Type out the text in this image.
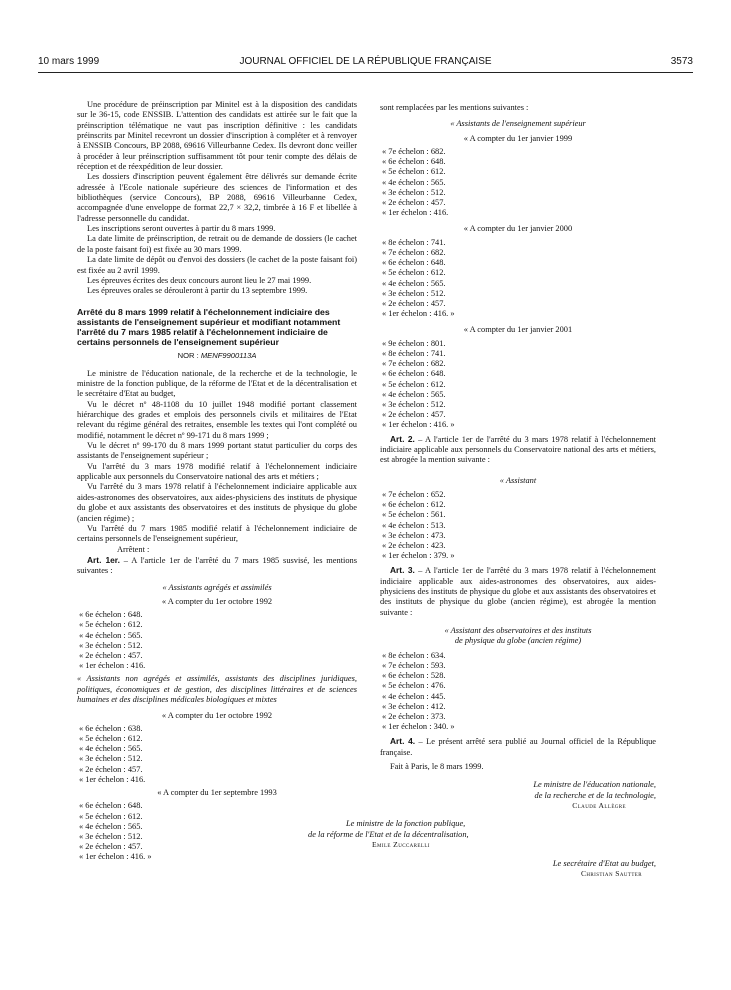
10 mars 1999	JOURNAL OFFICIEL DE LA RÉPUBLIQUE FRANÇAISE	3573

Une procédure de préinscription par Minitel est à la disposition des candidats sur le 36-15, code ENSSIB. L'attention des candidats est attirée sur le fait que la préinscription télématique ne vaut pas inscription définitive : les candidats préinscrits par Minitel recevront un dossier d'inscription à compléter et à renvoyer à ENSSIB Concours, BP 2088, 69616 Villeurbanne Cedex. Ils devront donc veiller à procéder à leur préinscription suffisamment tôt pour tenir compte des délais de réception et de réexpédition de leur dossier.

Les dossiers d'inscription peuvent également être délivrés sur demande écrite adressée à l'Ecole nationale supérieure des sciences de l'information et des bibliothèques (service Concours), BP 2088, 69616 Villeurbanne Cedex, accompagnée d'une enveloppe de format 22,7 × 32,2, timbrée à 16 F et libellée à l'adresse personnelle du candidat.

Les inscriptions seront ouvertes à partir du 8 mars 1999.

La date limite de préinscription, de retrait ou de demande de dossiers (le cachet de la poste faisant foi) est fixée au 30 mars 1999.

La date limite de dépôt ou d'envoi des dossiers (le cachet de la poste faisant foi) est fixée au 2 avril 1999.

Les épreuves écrites des deux concours auront lieu le 27 mai 1999.

Les épreuves orales se dérouleront à partir du 13 septembre 1999.

Arrêté du 8 mars 1999 relatif à l'échelonnement indiciaire des assistants de l'enseignement supérieur et modifiant notamment l'arrêté du 7 mars 1985 relatif à l'échelonnement indiciaire de certains personnels de l'enseignement supérieur
NOR : MENF9900113A

Le ministre de l'éducation nationale, de la recherche et de la technologie, le ministre de la fonction publique, de la réforme de l'Etat et de la décentralisation et le secrétaire d'Etat au budget,

Vu le décret nº 48-1108 du 10 juillet 1948 modifié portant classement hiérarchique des grades et emplois des personnels civils et militaires de l'Etat relevant du régime général des retraites, ensemble les textes qui l'ont complété ou modifié, notamment le décret nº 99-171 du 8 mars 1999 ;

Vu le décret nº 99-170 du 8 mars 1999 portant statut particulier du corps des assistants de l'enseignement supérieur ;

Vu l'arrêté du 3 mars 1978 modifié relatif à l'échelonnement indiciaire applicable aux personnels du Conservatoire national des arts et métiers ;

Vu l'arrêté du 3 mars 1978 relatif à l'échelonnement indiciaire applicable aux aides-astronomes des observatoires, aux aides-physiciens des instituts de physique du globe et aux assistants des observatoires et des instituts de physique du globe (ancien régime) ;

Vu l'arrêté du 7 mars 1985 modifié relatif à l'échelonnement indiciaire de certains personnels de l'enseignement supérieur,

Arrêtent :

Art. 1er. – A l'article 1er de l'arrêté du 7 mars 1985 susvisé, les mentions suivantes :

« Assistants agrégés et assimilés
« A compter du 1er octobre 1992
« 6e échelon : 648.
« 5e échelon : 612.
« 4e échelon : 565.
« 3e échelon : 512.
« 2e échelon : 457.
« 1er échelon : 416.

« Assistants non agrégés et assimilés, assistants des disciplines juridiques, politiques, économiques et de gestion, des disciplines littéraires et de sciences humaines et des disciplines médicales biologiques et mixtes

« A compter du 1er octobre 1992
« 6e échelon : 638.
« 5e échelon : 612.
« 4e échelon : 565.
« 3e échelon : 512.
« 2e échelon : 457.
« 1er échelon : 416.
« A compter du 1er septembre 1993
« 6e échelon : 648.
« 5e échelon : 612.
« 4e échelon : 565.
« 3e échelon : 512.
« 2e échelon : 457.
« 1er échelon : 416. »

sont remplacées par les mentions suivantes :

« Assistants de l'enseignement supérieur
« A compter du 1er janvier 1999
« 7e échelon : 682.
« 6e échelon : 648.
« 5e échelon : 612.
« 4e échelon : 565.
« 3e échelon : 512.
« 2e échelon : 457.
« 1er échelon : 416.
« A compter du 1er janvier 2000
« 8e échelon : 741.
« 7e échelon : 682.
« 6e échelon : 648.
« 5e échelon : 612.
« 4e échelon : 565.
« 3e échelon : 512.
« 2e échelon : 457.
« 1er échelon : 416. »
« A compter du 1er janvier 2001
« 9e échelon : 801.
« 8e échelon : 741.
« 7e échelon : 682.
« 6e échelon : 648.
« 5e échelon : 612.
« 4e échelon : 565.
« 3e échelon : 512.
« 2e échelon : 457.
« 1er échelon : 416. »

Art. 2. – A l'article 1er de l'arrêté du 3 mars 1978 relatif à l'échelonnement indiciaire applicable aux personnels du Conservatoire national des arts et métiers, est abrogée la mention suivante :

« Assistant
« 7e échelon : 652.
« 6e échelon : 612.
« 5e échelon : 561.
« 4e échelon : 513.
« 3e échelon : 473.
« 2e échelon : 423.
« 1er échelon : 379. »

Art. 3. – A l'article 1er de l'arrêté du 3 mars 1978 relatif à l'échelonnement indiciaire applicable aux aides-astronomes des observatoires, aux aides-physiciens des instituts de physique du globe et aux assistants des observatoires et des instituts de physique du globe (ancien régime), est abrogée la mention suivante :

« Assistant des observatoires et des instituts
de physique du globe (ancien régime)
« 8e échelon : 634.
« 7e échelon : 593.
« 6e échelon : 528.
« 5e échelon : 476.
« 4e échelon : 445.
« 3e échelon : 412.
« 2e échelon : 373.
« 1er échelon : 340. »

Art. 4. – Le présent arrêté sera publié au Journal officiel de la République française.

Fait à Paris, le 8 mars 1999.

Le ministre de l'éducation nationale,
de la recherche et de la technologie,
Claude Allègre
Le ministre de la fonction publique,
de la réforme de l'Etat et de la décentralisation,
Emile Zuccarelli
Le secrétaire d'Etat au budget,
Christian Sautter
